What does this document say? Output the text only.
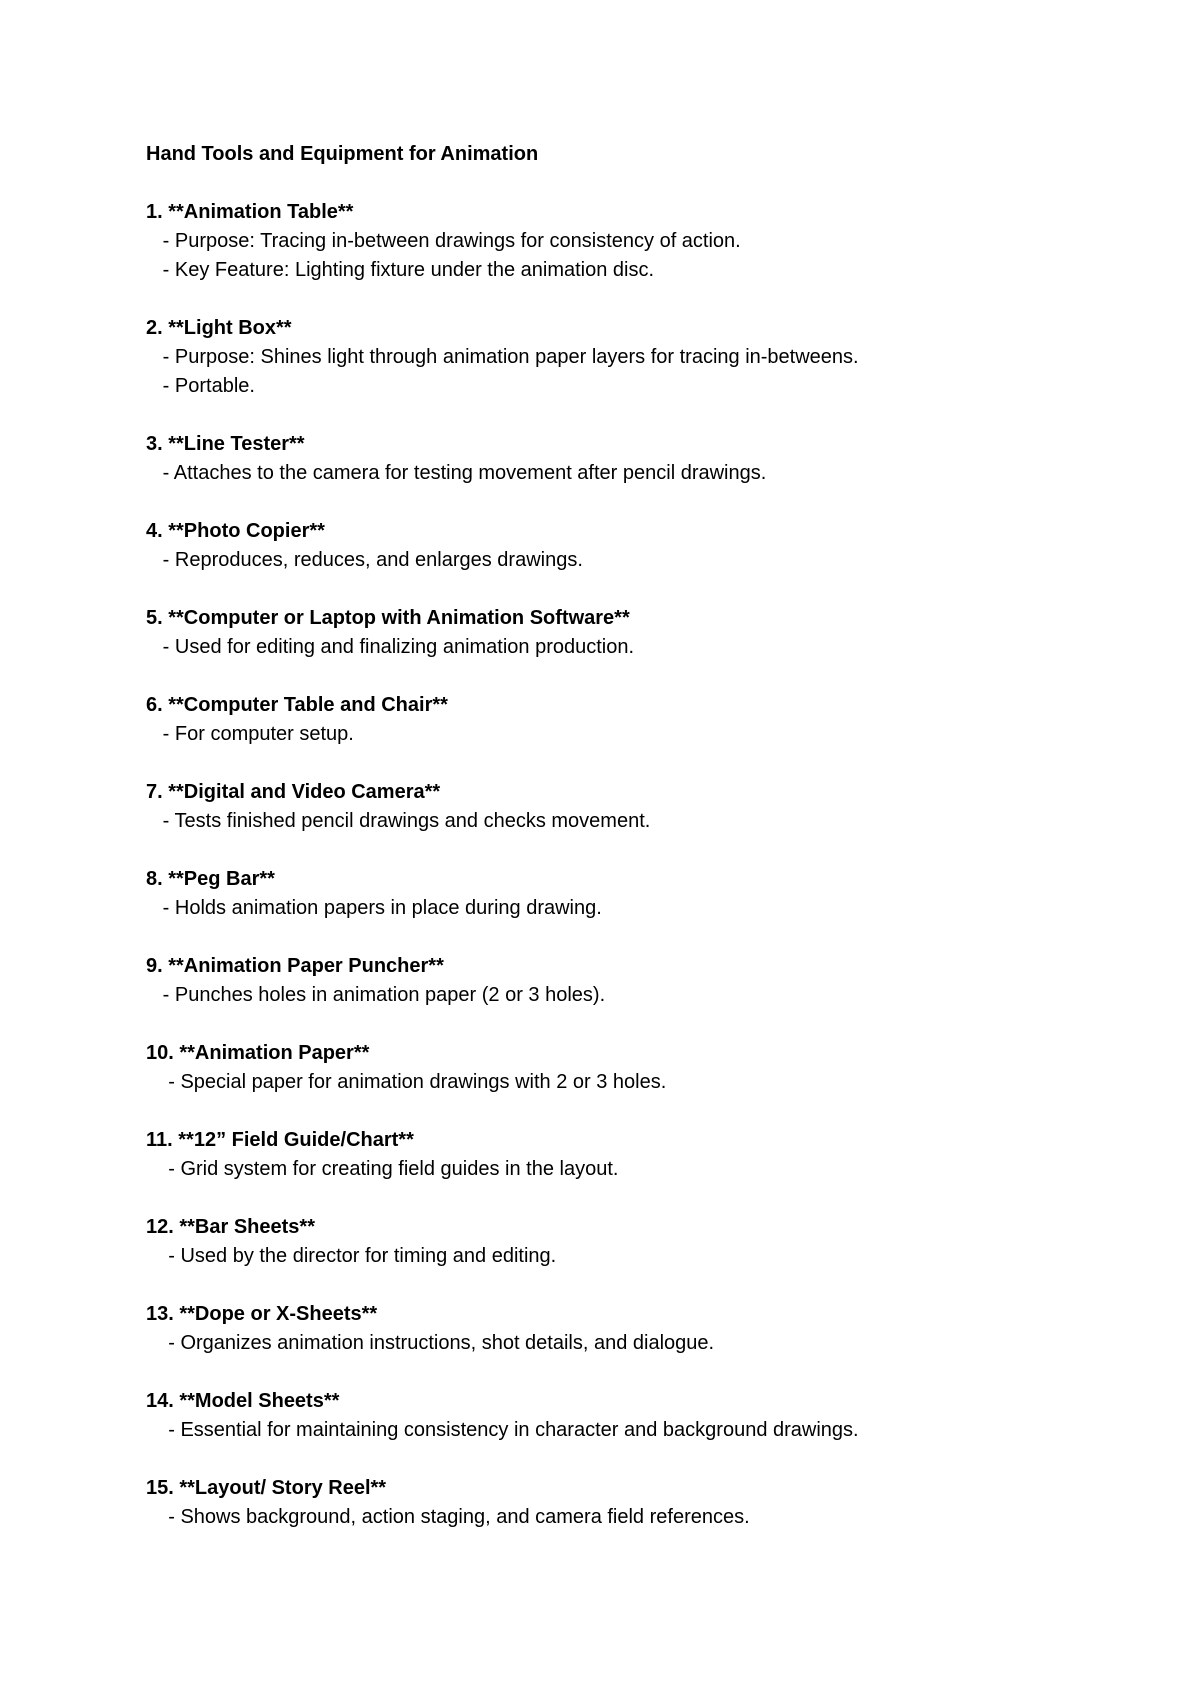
Hand Tools and Equipment for Animation
1. **Animation Table**
- Purpose: Tracing in-between drawings for consistency of action.
- Key Feature: Lighting fixture under the animation disc.
2. **Light Box**
- Purpose: Shines light through animation paper layers for tracing in-betweens.
- Portable.
3. **Line Tester**
- Attaches to the camera for testing movement after pencil drawings.
4. **Photo Copier**
- Reproduces, reduces, and enlarges drawings.
5. **Computer or Laptop with Animation Software**
- Used for editing and finalizing animation production.
6. **Computer Table and Chair**
- For computer setup.
7. **Digital and Video Camera**
- Tests finished pencil drawings and checks movement.
8. **Peg Bar**
- Holds animation papers in place during drawing.
9. **Animation Paper Puncher**
- Punches holes in animation paper (2 or 3 holes).
10. **Animation Paper**
- Special paper for animation drawings with 2 or 3 holes.
11. **12” Field Guide/Chart**
- Grid system for creating field guides in the layout.
12. **Bar Sheets**
- Used by the director for timing and editing.
13. **Dope or X-Sheets**
- Organizes animation instructions, shot details, and dialogue.
14. **Model Sheets**
- Essential for maintaining consistency in character and background drawings.
15. **Layout/ Story Reel**
- Shows background, action staging, and camera field references.
